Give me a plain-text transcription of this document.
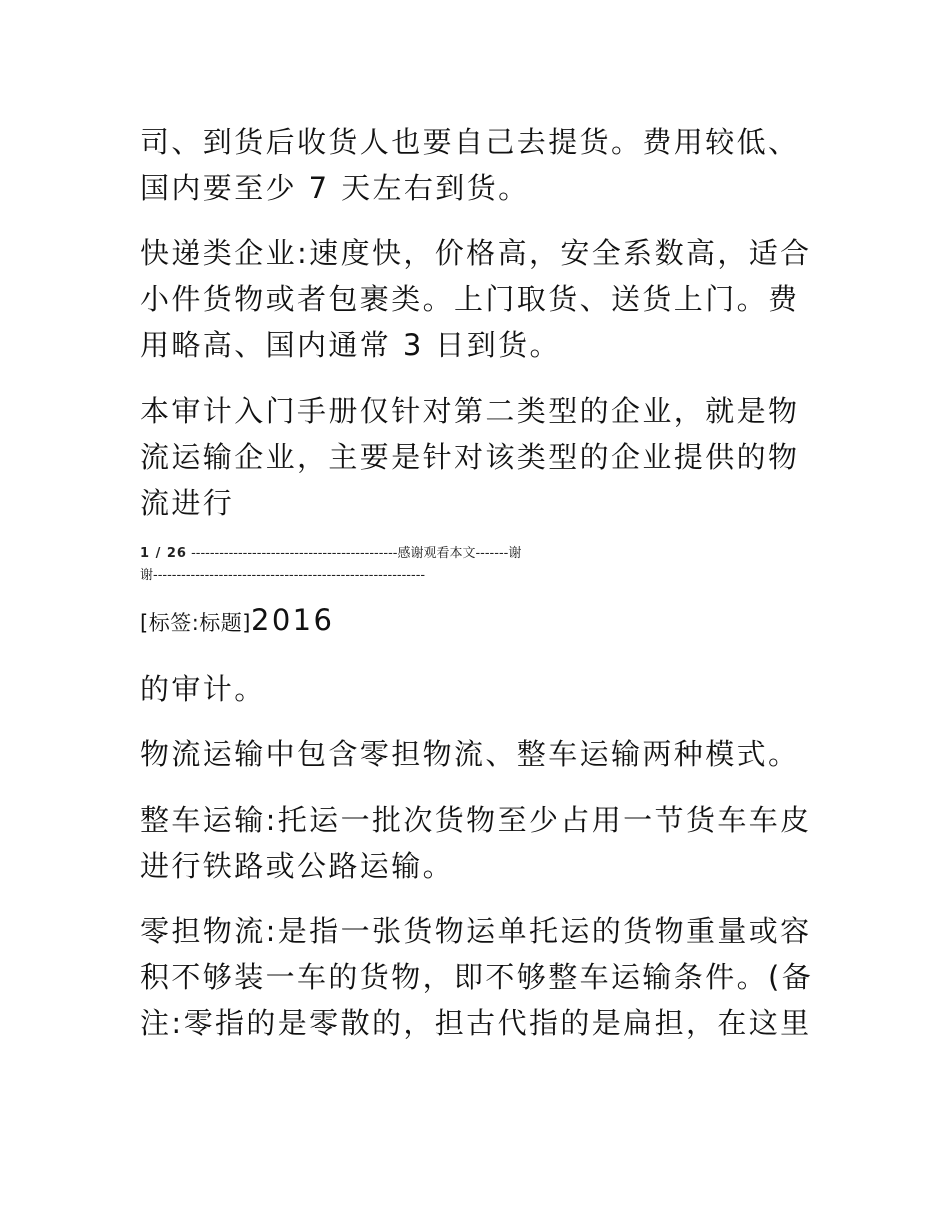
司、到货后收货人也要自己去提货。费用较低、
国内要至少 7 天左右到货。

快递类企业:速度快，价格高，安全系数高，适合
小件货物或者包裹类。上门取货、送货上门。费
用略高、国内通常 3 日到货。

本审计入门手册仅针对第二类型的企业，就是物
流运输企业，主要是针对该类型的企业提供的物
流进行

1 / 26 --------------------------------------------感谢观看本文-------谢
谢----------------------------------------------------------

[标签:标题]2016

的审计。

物流运输中包含零担物流、整车运输两种模式。

整车运输:托运一批次货物至少占用一节货车车皮
进行铁路或公路运输。

零担物流:是指一张货物运单托运的货物重量或容
积不够装一车的货物，即不够整车运输条件。(备
注:零指的是零散的，担古代指的是扁担，在这里
